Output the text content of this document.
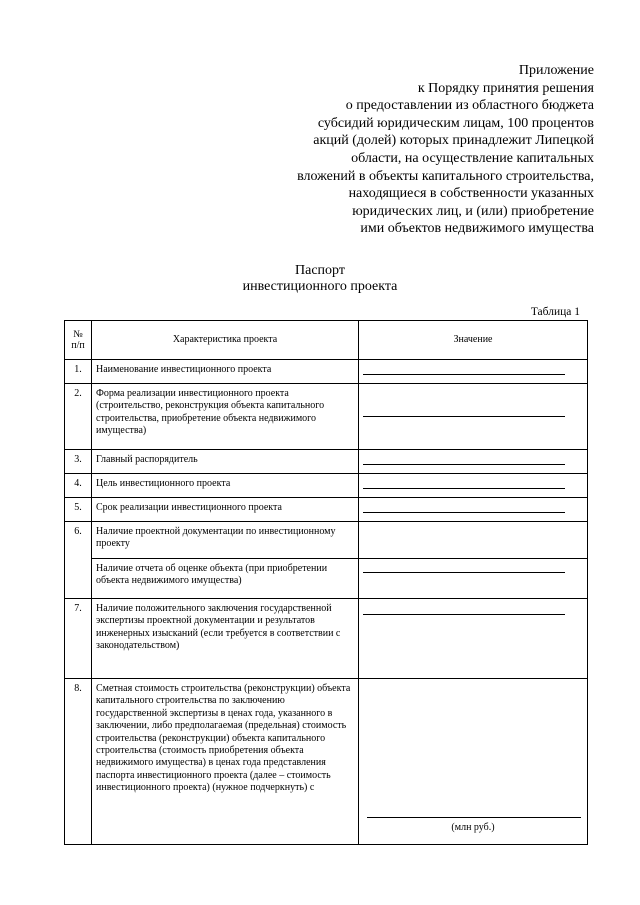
Приложение
к Порядку принятия решения
о предоставлении из областного бюджета
субсидий юридическим лицам, 100 процентов
акций (долей) которых принадлежит Липецкой
области, на осуществление капитальных
вложений в объекты капитального строительства,
находящиеся в собственности указанных
юридических лиц, и (или) приобретение
ими объектов недвижимого имущества
Паспорт
инвестиционного проекта
Таблица 1
№
п/п	Характеристика проекта	Значение
1.	Наименование инвестиционного проекта	

2.	Форма реализации инвестиционного проекта (строительство, реконструкция объекта капитального строительства, приобретение объекта недвижимого имущества)	

3.	Главный распорядитель	

4.	Цель инвестиционного проекта	

5.	Срок реализации инвестиционного проекта	

6.	Наличие проектной документации по инвестиционному проекту	
	Наличие отчета об оценке объекта (при приобретении объекта недвижимого имущества)	

7.	Наличие положительного заключения государственной экспертизы проектной документации и результатов инженерных изысканий (если требуется в соответствии с законодательством)	

8.	Сметная стоимость строительства (реконструкции) объекта капитального строительства по заключению государственной экспертизы в ценах года, указанного в заключении, либо предполагаемая (предельная) стоимость строительства (реконструкции) объекта капитального строительства (стоимость приобретения объекта недвижимого имущества) в ценах года представления паспорта инвестиционного проекта (далее – стоимость инвестиционного проекта) (нужное подчеркнуть) с	(млн руб.)
